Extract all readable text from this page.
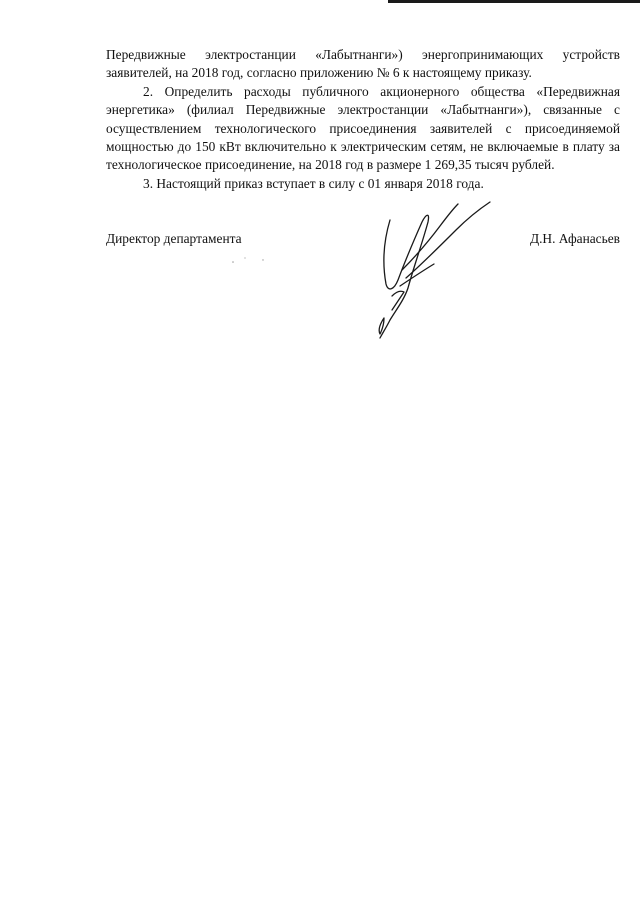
Передвижные электростанции «Лабытнанги») энергопринимающих устройств заявителей, на 2018 год, согласно приложению № 6 к настоящему приказу.

2. Определить расходы публичного акционерного общества «Передвижная энергетика» (филиал Передвижные электростанции «Лабытнанги»), связанные с осуществлением технологического присоединения заявителей с присоединяемой мощностью до 150 кВт включительно к электрическим сетям, не включаемые в плату за технологическое присоединение, на 2018 год в размере 1 269,35 тысяч рублей.

3. Настоящий приказ вступает в силу с 01 января 2018 года.

Директор департамента	Д.Н. Афанасьев
